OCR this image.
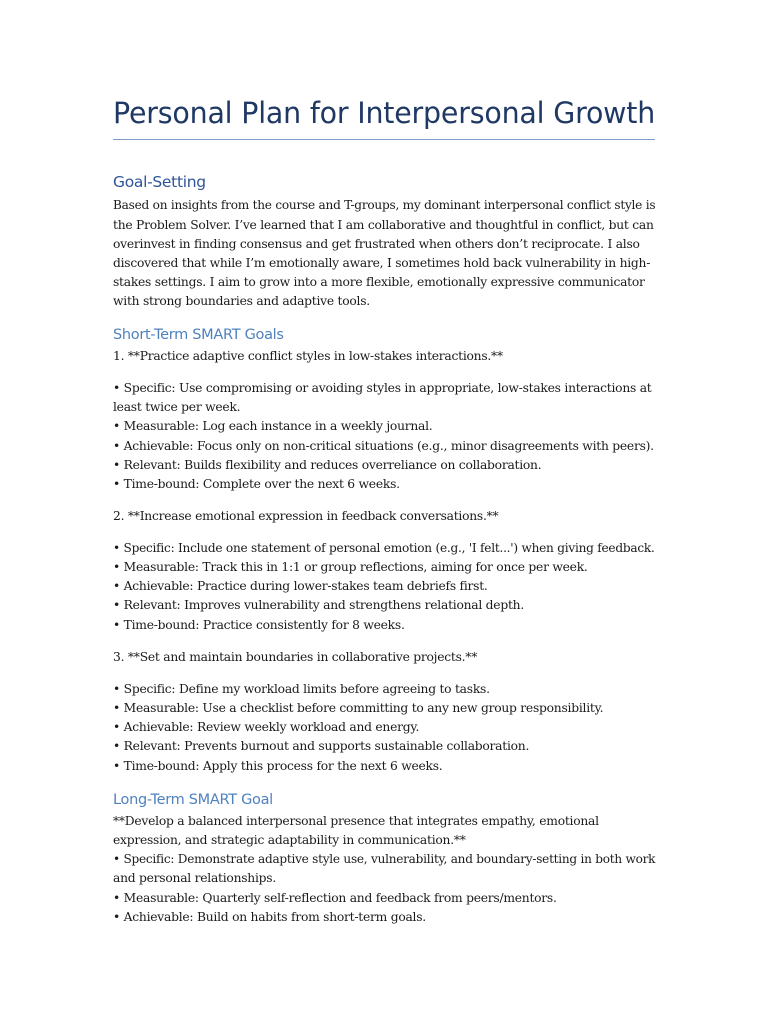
Personal Plan for Interpersonal Growth
Goal-Setting

Based on insights from the course and T-groups, my dominant interpersonal conflict style is

the Problem Solver. I’ve learned that I am collaborative and thoughtful in conflict, but can

overinvest in finding consensus and get frustrated when others don’t reciprocate. I also

discovered that while I’m emotionally aware, I sometimes hold back vulnerability in high-

stakes settings. I aim to grow into a more flexible, emotionally expressive communicator

with strong boundaries and adaptive tools.

Short-Term SMART Goals

1. **Practice adaptive conflict styles in low-stakes interactions.**

• Specific: Use compromising or avoiding styles in appropriate, low-stakes interactions at

least twice per week.

• Measurable: Log each instance in a weekly journal.

• Achievable: Focus only on non-critical situations (e.g., minor disagreements with peers).

• Relevant: Builds flexibility and reduces overreliance on collaboration.

• Time-bound: Complete over the next 6 weeks.

2. **Increase emotional expression in feedback conversations.**

• Specific: Include one statement of personal emotion (e.g., 'I felt...') when giving feedback.

• Measurable: Track this in 1:1 or group reflections, aiming for once per week.

• Achievable: Practice during lower-stakes team debriefs first.

• Relevant: Improves vulnerability and strengthens relational depth.

• Time-bound: Practice consistently for 8 weeks.

3. **Set and maintain boundaries in collaborative projects.**

• Specific: Define my workload limits before agreeing to tasks.

• Measurable: Use a checklist before committing to any new group responsibility.

• Achievable: Review weekly workload and energy.

• Relevant: Prevents burnout and supports sustainable collaboration.

• Time-bound: Apply this process for the next 6 weeks.

Long-Term SMART Goal

**Develop a balanced interpersonal presence that integrates empathy, emotional

expression, and strategic adaptability in communication.**

• Specific: Demonstrate adaptive style use, vulnerability, and boundary-setting in both work

and personal relationships.

• Measurable: Quarterly self-reflection and feedback from peers/mentors.

• Achievable: Build on habits from short-term goals.
